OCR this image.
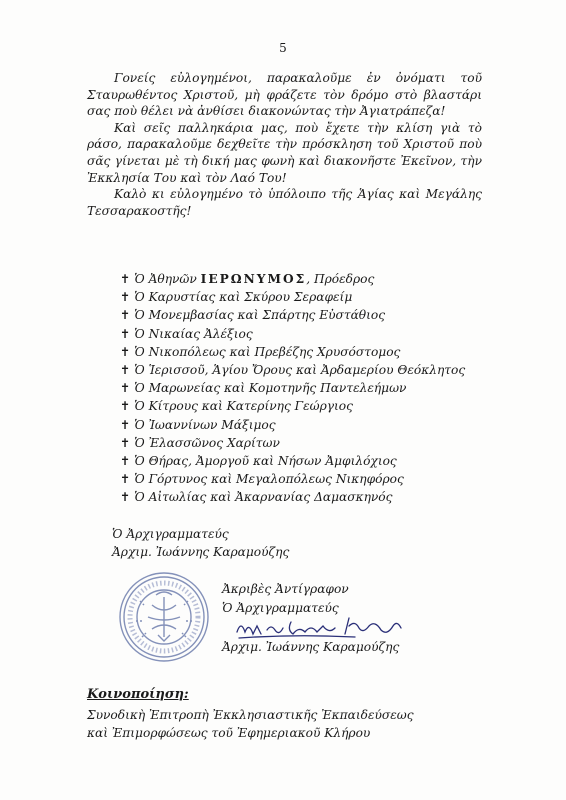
5

Γονείς εὐλογημένοι, παρακαλοῦμε ἐν ὀνόματι τοῦ Σταυρωθέντος Χριστοῦ, μὴ φράζετε τὸν δρόμο στὸ βλαστάρι σας ποὺ θέλει νὰ ἀνθίσει διακονώντας τὴν Ἀγιατράπεζα!

Καὶ σεῖς παλληκάρια μας, ποὺ ἔχετε τὴν κλίση γιὰ τὸ ράσο, παρακαλοῦμε δεχθεῖτε τὴν πρόσκληση τοῦ Χριστοῦ ποὺ σᾶς γίνεται μὲ τὴ δική μας φωνὴ καὶ διακονῆστε Ἐκεῖνον, τὴν Ἐκκλησία Του καὶ τὸν Λαό Του!

Καλὸ κι εὐλογημένο τὸ ὑπόλοιπο τῆς Ἁγίας καὶ Μεγάλης Τεσσαρακοστῆς!

✝ Ὁ Ἀθηνῶν ΙΕΡΩΝΥΜΟΣ, Πρόεδρος
✝ Ὁ Καρυστίας καὶ Σκύρου Σεραφείμ
✝ Ὁ Μονεμβασίας καὶ Σπάρτης Εὐστάθιος
✝ Ὁ Νικαίας Ἀλέξιος
✝ Ὁ Νικοπόλεως καὶ Πρεβέζης Χρυσόστομος
✝ Ὁ Ἱερισσοῦ, Ἁγίου Ὄρους καὶ Ἀρδαμερίου Θεόκλητος
✝ Ὁ Μαρωνείας καὶ Κομοτηνῆς Παντελεήμων
✝ Ὁ Κίτρους καὶ Κατερίνης Γεώργιος
✝ Ὁ Ἰωαννίνων Μάξιμος
✝ Ὁ Ἐλασσῶνος Χαρίτων
✝ Ὁ Θήρας, Ἀμοργοῦ καὶ Νήσων Ἀμφιλόχιος
✝ Ὁ Γόρτυνος καὶ Μεγαλοπόλεως Νικηφόρος
✝ Ὁ Αἰτωλίας καὶ Ἀκαρνανίας Δαμασκηνός
Ὁ Ἀρχιγραμματεύς
Ἀρχιμ. Ἰωάννης Καραμούζης
Ἀκριβὲς Ἀντίγραφον
Ὁ Ἀρχιγραμματεύς
Ἀρχιμ. Ἰωάννης Καραμούζης
Κοινοποίηση:
Συνοδικὴ Ἐπιτροπὴ Ἐκκλησιαστικῆς Ἐκπαιδεύσεως
καὶ Ἐπιμορφώσεως τοῦ Ἐφημεριακοῦ Κλήρου
